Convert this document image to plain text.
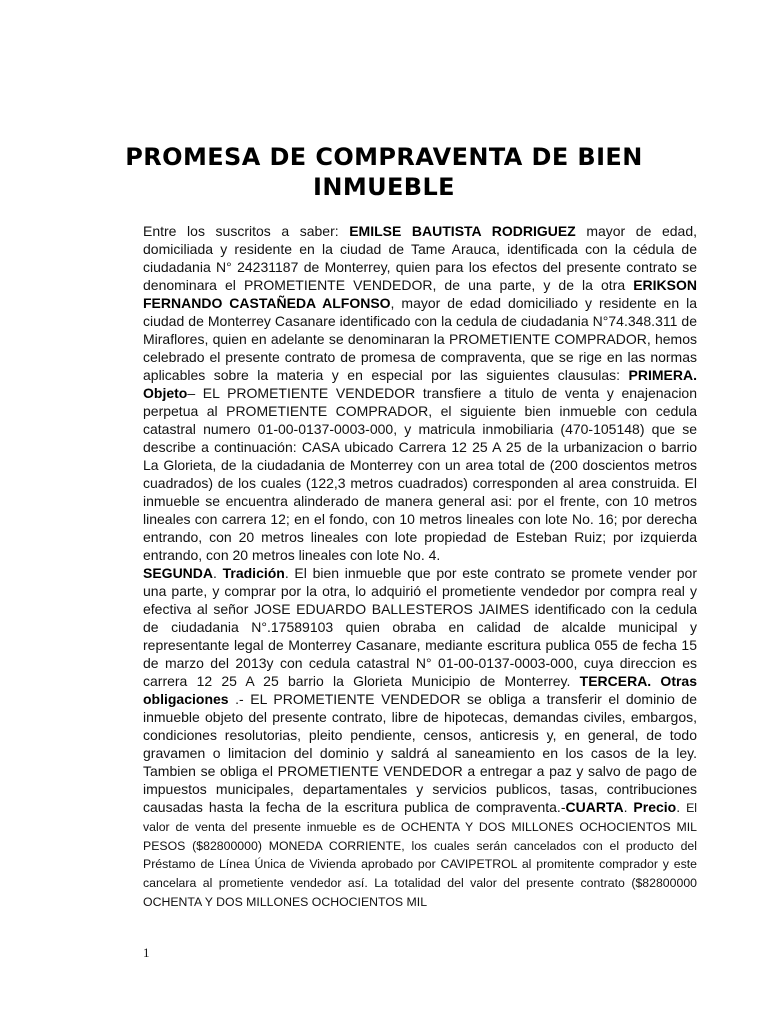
PROMESA DE COMPRAVENTA DE BIEN INMUEBLE

Entre los suscritos a saber: EMILSE BAUTISTA RODRIGUEZ mayor de edad, domiciliada y residente en la ciudad de Tame Arauca, identificada con la cédula de ciudadania N° 24231187 de Monterrey, quien para los efectos del presente contrato se denominara el PROMETIENTE VENDEDOR, de una parte, y de la otra ERIKSON FERNANDO CASTAÑEDA ALFONSO, mayor de edad domiciliado y residente en la ciudad de Monterrey Casanare identificado con la cedula de ciudadania N°74.348.311 de Miraflores, quien en adelante se denominaran la PROMETIENTE COMPRADOR, hemos celebrado el presente contrato de promesa de compraventa, que se rige en las normas aplicables sobre la materia y en especial por las siguientes clausulas: PRIMERA. Objeto– EL PROMETIENTE VENDEDOR transfiere a titulo de venta y enajenacion perpetua al PROMETIENTE COMPRADOR, el siguiente bien inmueble con cedula catastral numero 01-00-0137-0003-000, y matricula inmobiliaria (470-105148) que se describe a continuación: CASA ubicado Carrera 12 25 A 25 de la urbanizacion o barrio La Glorieta, de la ciudadania de Monterrey con un area total de (200 doscientos metros cuadrados) de los cuales (122,3 metros cuadrados) corresponden al area construida. El inmueble se encuentra alinderado de manera general asi: por el frente, con 10 metros lineales con carrera 12; en el fondo, con 10 metros lineales con lote No. 16; por derecha entrando, con 20 metros lineales con lote propiedad de Esteban Ruiz; por izquierda entrando, con 20 metros lineales con lote No. 4.

SEGUNDA. Tradición. El bien inmueble que por este contrato se promete vender por una parte, y comprar por la otra, lo adquirió el prometiente vendedor por compra real y efectiva al señor JOSE EDUARDO BALLESTEROS JAIMES identificado con la cedula de ciudadania N°.17589103 quien obraba en calidad de alcalde municipal y representante legal de Monterrey Casanare, mediante escritura publica 055 de fecha 15 de marzo del 2013y con cedula catastral N° 01-00-0137-0003-000, cuya direccion es carrera 12 25 A 25 barrio la Glorieta Municipio de Monterrey. TERCERA. Otras obligaciones .- EL PROMETIENTE VENDEDOR se obliga a transferir el dominio de inmueble objeto del presente contrato, libre de hipotecas, demandas civiles, embargos, condiciones resolutorias, pleito pendiente, censos, anticresis y, en general, de todo gravamen o limitacion del dominio y saldrá al saneamiento en los casos de la ley. Tambien se obliga el PROMETIENTE VENDEDOR a entregar a paz y salvo de pago de impuestos municipales, departamentales y servicios publicos, tasas, contribuciones causadas hasta la fecha de la escritura publica de compraventa.-CUARTA. Precio. El valor de venta del presente inmueble es de OCHENTA Y DOS MILLONES OCHOCIENTOS MIL PESOS ($82800000) MONEDA CORRIENTE, los cuales serán cancelados con el producto del Préstamo de Línea Única de Vivienda aprobado por CAVIPETROL al promitente comprador y este cancelara al prometiente vendedor así. La totalidad del valor del presente contrato ($82800000 OCHENTA Y DOS MILLONES OCHOCIENTOS MIL

1
